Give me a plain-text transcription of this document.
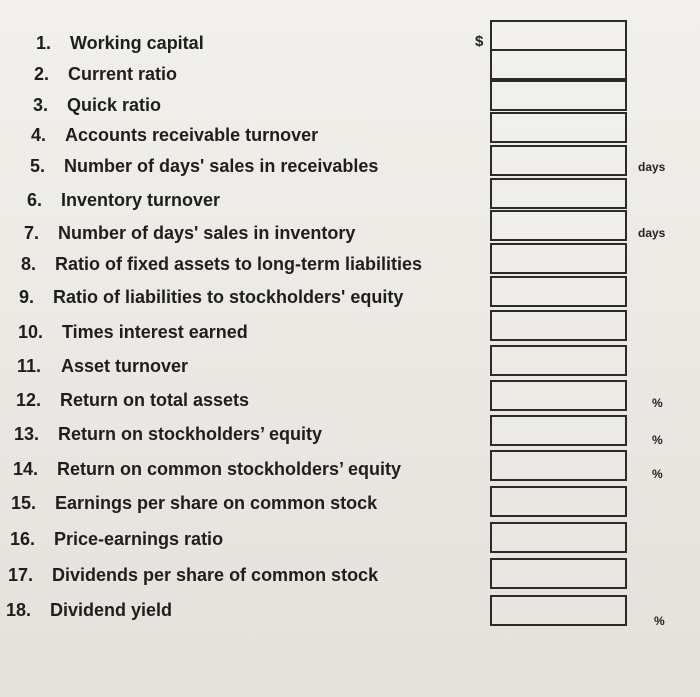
1. Working capital
2. Current ratio
3. Quick ratio
4. Accounts receivable turnover
5. Number of days' sales in receivables
6. Inventory turnover
7. Number of days' sales in inventory
8. Ratio of fixed assets to long-term liabilities
9. Ratio of liabilities to stockholders' equity
10. Times interest earned
11. Asset turnover
12. Return on total assets
13. Return on stockholders’ equity
14. Return on common stockholders’ equity
15. Earnings per share on common stock
16. Price-earnings ratio
17. Dividends per share of common stock
18. Dividend yield
$
days
days
%
%
%
%
